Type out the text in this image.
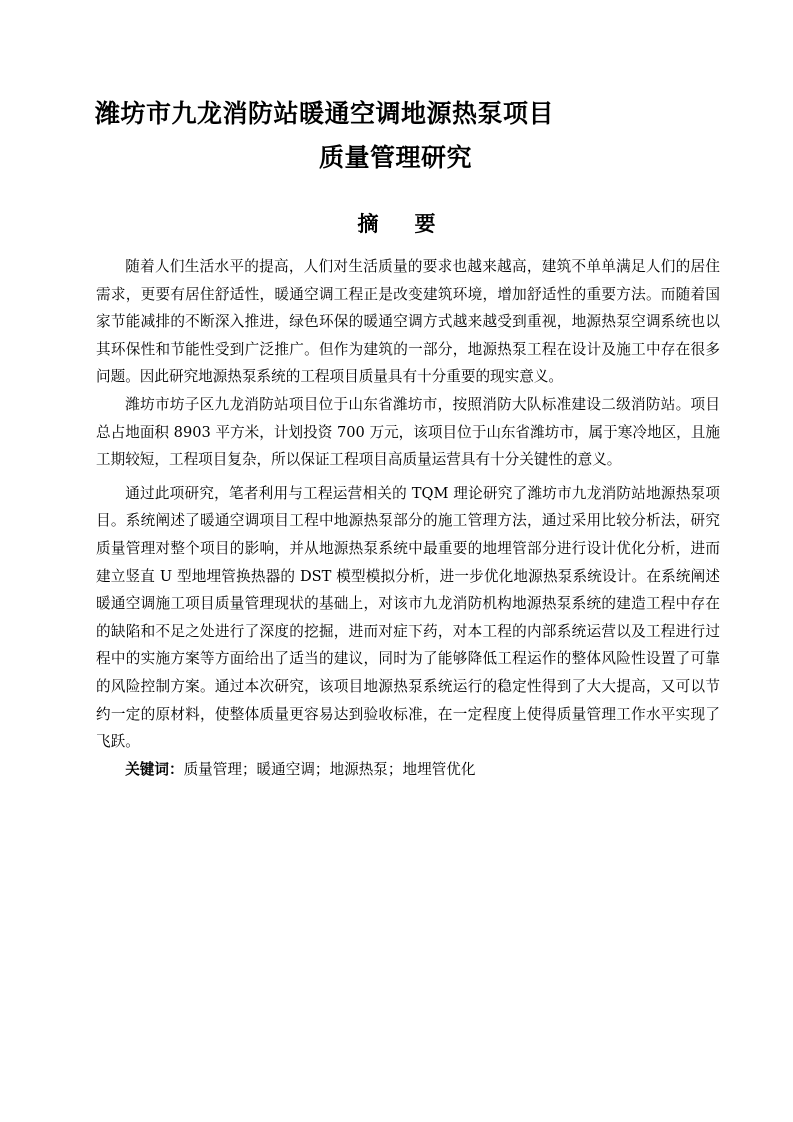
潍坊市九龙消防站暖通空调地源热泵项目
质量管理研究
摘要

随着人们生活水平的提高，人们对生活质量的要求也越来越高，建筑不单单满足人们的居住需求，更要有居住舒适性，暖通空调工程正是改变建筑环境，增加舒适性的重要方法。而随着国家节能减排的不断深入推进，绿色环保的暖通空调方式越来越受到重视，地源热泵空调系统也以其环保性和节能性受到广泛推广。但作为建筑的一部分，地源热泵工程在设计及施工中存在很多问题。因此研究地源热泵系统的工程项目质量具有十分重要的现实意义。

潍坊市坊子区九龙消防站项目位于山东省潍坊市，按照消防大队标准建设二级消防站。项目总占地面积 8903 平方米，计划投资 700 万元，该项目位于山东省潍坊市，属于寒冷地区，且施工期较短，工程项目复杂，所以保证工程项目高质量运营具有十分关键性的意义。

通过此项研究，笔者利用与工程运营相关的 TQM 理论研究了潍坊市九龙消防站地源热泵项目。系统阐述了暖通空调项目工程中地源热泵部分的施工管理方法，通过采用比较分析法，研究质量管理对整个项目的影响，并从地源热泵系统中最重要的地埋管部分进行设计优化分析，进而建立竖直 U 型地埋管换热器的 DST 模型模拟分析，进一步优化地源热泵系统设计。在系统阐述暖通空调施工项目质量管理现状的基础上，对该市九龙消防机构地源热泵系统的建造工程中存在的缺陷和不足之处进行了深度的挖掘，进而对症下药，对本工程的内部系统运营以及工程进行过程中的实施方案等方面给出了适当的建议，同时为了能够降低工程运作的整体风险性设置了可靠的风险控制方案。通过本次研究，该项目地源热泵系统运行的稳定性得到了大大提高，又可以节约一定的原材料，使整体质量更容易达到验收标准，在一定程度上使得质量管理工作水平实现了飞跃。

关键词：质量管理；暖通空调；地源热泵；地埋管优化
